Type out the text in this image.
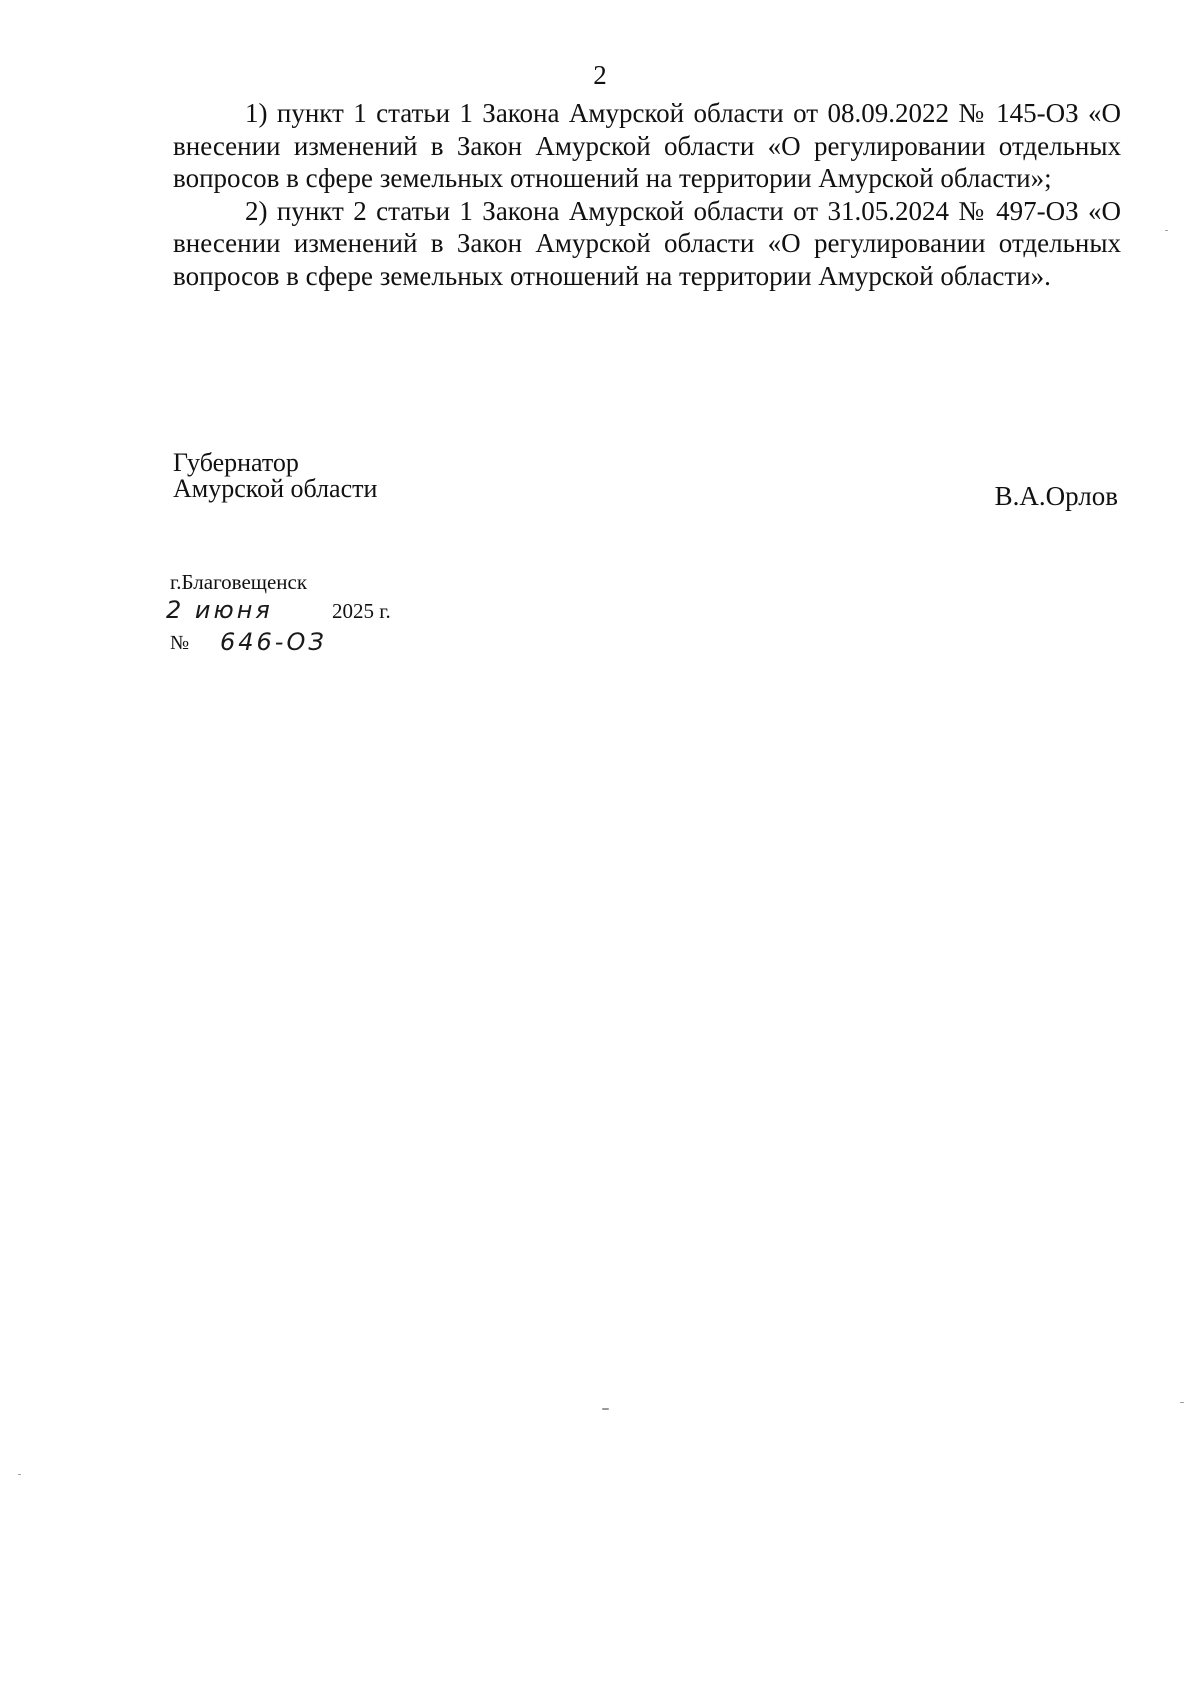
2

1) пункт 1 статьи 1 Закона Амурской области от 08.09.2022 № 145-ОЗ «О внесении изменений в Закон Амурской области «О регулировании отдельных вопросов в сфере земельных отношений на территории Амурской области»;

2) пункт 2 статьи 1 Закона Амурской области от 31.05.2024 № 497-ОЗ «О внесении изменений в Закон Амурской области «О регулировании отдельных вопросов в сфере земельных отношений на территории Амурской области».

Губернатор
Амурской области	В.А.Орлов
г.Благовещенск
2 июня	2025 г.
№ 646-ОЗ
